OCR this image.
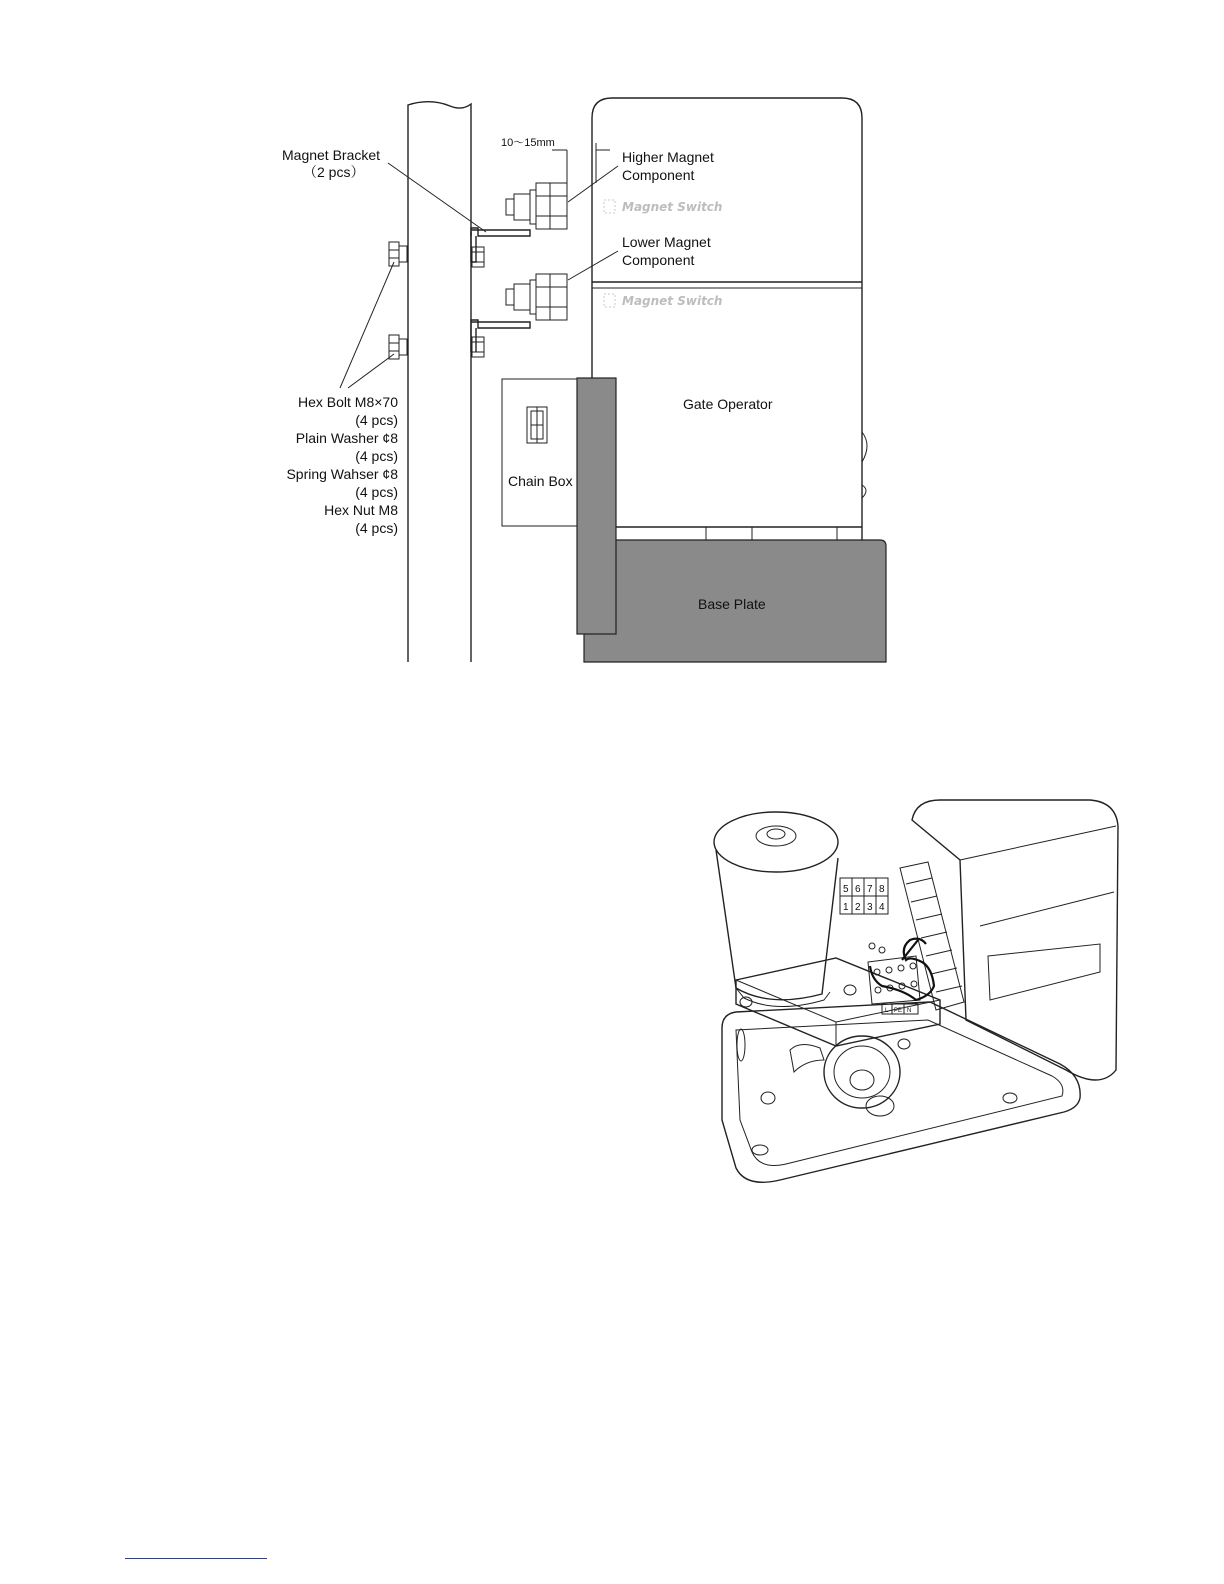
10～15mm
Magnet Switch
Magnet Switch
Chain Box
Base Plate
Gate Operator
Magnet Bracket
（2 pcs）
Higher Magnet
Component
Lower Magnet
Component
Hex Bolt M8×70
(4 pcs)
Plain Washer ¢8
(4 pcs)
Spring Wahser ¢8
(4 pcs)
Hex Nut M8
(4 pcs)
5 6 7 8
1 2 3 4
L PE N
